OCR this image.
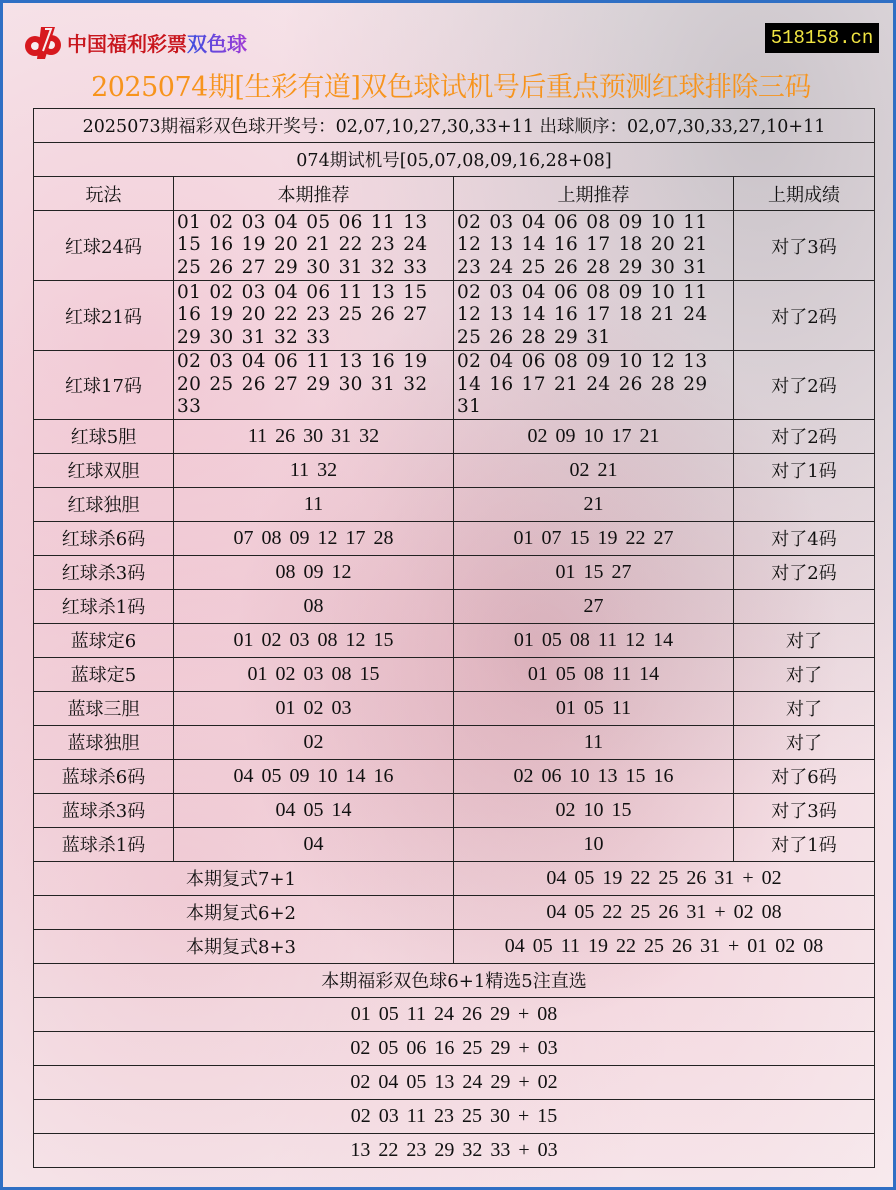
中国福利彩票双色球	518158.cn
2025074期[生彩有道]双色球试机号后重点预测红球排除三码
2025073期福彩双色球开奖号：02,07,10,27,30,33+11 出球顺序：02,07,30,33,27,10+11			
074期试机号[05,07,08,09,16,28+08]			
玩法	本期推荐	上期推荐	上期成绩
红球24码	01 02 03 04 05 06 11 13 15 16 19 20 21 22 23 24 25 26 27 29 30 31 32 33	02 03 04 06 08 09 10 11 12 13 14 16 17 18 20 21 23 24 25 26 28 29 30 31	对了3码
红球21码	01 02 03 04 06 11 13 15 16 19 20 22 23 25 26 27 29 30 31 32 33	02 03 04 06 08 09 10 11 12 13 14 16 17 18 21 24 25 26 28 29 31	对了2码
红球17码	02 03 04 06 11 13 16 19 20 25 26 27 29 30 31 32 33	02 04 06 08 09 10 12 13 14 16 17 21 24 26 28 29 31	对了2码
红球5胆	11 26 30 31 32	02 09 10 17 21	对了2码
红球双胆	11 32	02 21	对了1码
红球独胆	11	21	
红球杀6码	07 08 09 12 17 28	01 07 15 19 22 27	对了4码
红球杀3码	08 09 12	01 15 27	对了2码
红球杀1码	08	27	
蓝球定6	01 02 03 08 12 15	01 05 08 11 12 14	对了
蓝球定5	01 02 03 08 15	01 05 08 11 14	对了
蓝球三胆	01 02 03	01 05 11	对了
蓝球独胆	02	11	对了
蓝球杀6码	04 05 09 10 14 16	02 06 10 13 15 16	对了6码
蓝球杀3码	04 05 14	02 10 15	对了3码
蓝球杀1码	04	10	对了1码
本期复式7+1		04 05 19 22 25 26 31 + 02	
本期复式6+2		04 05 22 25 26 31 + 02 08	
本期复式8+3		04 05 11 19 22 25 26 31 + 01 02 08	
本期福彩双色球6+1精选5注直选			
01 05 11 24 26 29 + 08			
02 05 06 16 25 29 + 03			
02 04 05 13 24 29 + 02			
02 03 11 23 25 30 + 15			
13 22 23 29 32 33 + 03			
